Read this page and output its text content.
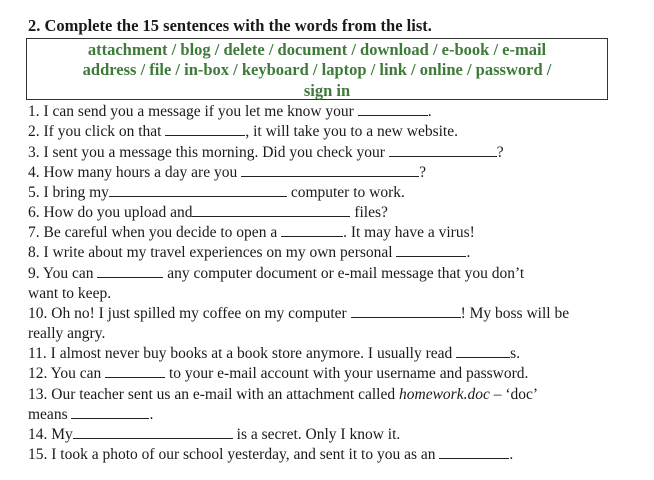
2. Complete the 15 sentences with the words from the list.
attachment / blog / delete / document / download / e-book / e-mail
address / file / in-box / keyboard / laptop / link / online / password /
sign in
1. I can send you a message if you let me know your	.
2. If you click on that	, it will take you to a new website.
3. I sent you a message this morning. Did you check your	?
4. How many hours a day are you	?
5. I bring my	computer to work.
6. How do you upload and	files?
7. Be careful when you decide to open a	. It may have a virus!
8. I write about my travel experiences on my own personal	.
9. You can	any computer document or e-mail message that you don’t
want to keep.
10. Oh no! I just spilled my coffee on my computer	! My boss will be
really angry.
11. I almost never buy books at a book store anymore. I usually read	s.
12. You can	to your e-mail account with your username and password.
13. Our teacher sent us an e-mail with an attachment called homework.doc – ‘doc’
means	.
14. My	is a secret. Only I know it.
15. I took a photo of our school yesterday, and sent it to you as an	.
